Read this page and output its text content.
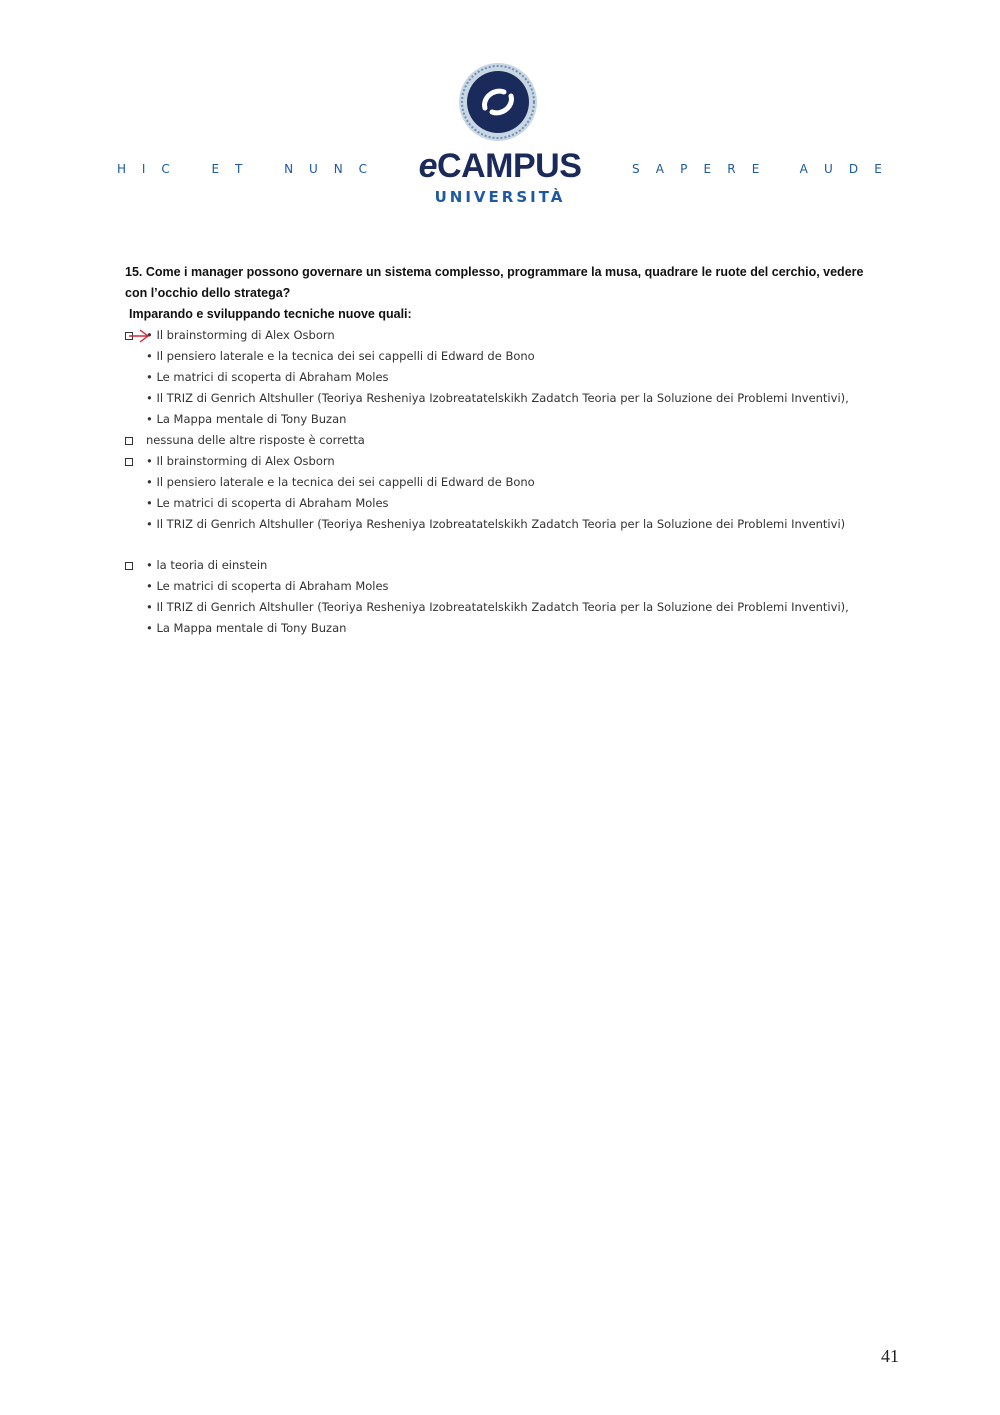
H I C	E T	N U N C	eCAMPUS
UNIVERSITÀ
S A P E R E	A U D E
15. Come i manager possono governare un sistema complesso, programmare la musa, quadrare le ruote del cerchio, vedere con l’occhio dello stratega?
Imparando e sviluppando tecniche nuove quali:
• Il brainstorming di Alex Osborn
• Il pensiero laterale e la tecnica dei sei cappelli di Edward de Bono
• Le matrici di scoperta di Abraham Moles
• Il TRIZ di Genrich Altshuller (Teoriya Resheniya Izobreatatelskikh Zadatch Teoria per la Soluzione dei Problemi Inventivi),
• La Mappa mentale di Tony Buzan
nessuna delle altre risposte è corretta
• Il brainstorming di Alex Osborn
• Il pensiero laterale e la tecnica dei sei cappelli di Edward de Bono
• Le matrici di scoperta di Abraham Moles
• Il TRIZ di Genrich Altshuller (Teoriya Resheniya Izobreatatelskikh Zadatch Teoria per la Soluzione dei Problemi Inventivi)
• la teoria di einstein
• Le matrici di scoperta di Abraham Moles
• Il TRIZ di Genrich Altshuller (Teoriya Resheniya Izobreatatelskikh Zadatch Teoria per la Soluzione dei Problemi Inventivi),
• La Mappa mentale di Tony Buzan
41
